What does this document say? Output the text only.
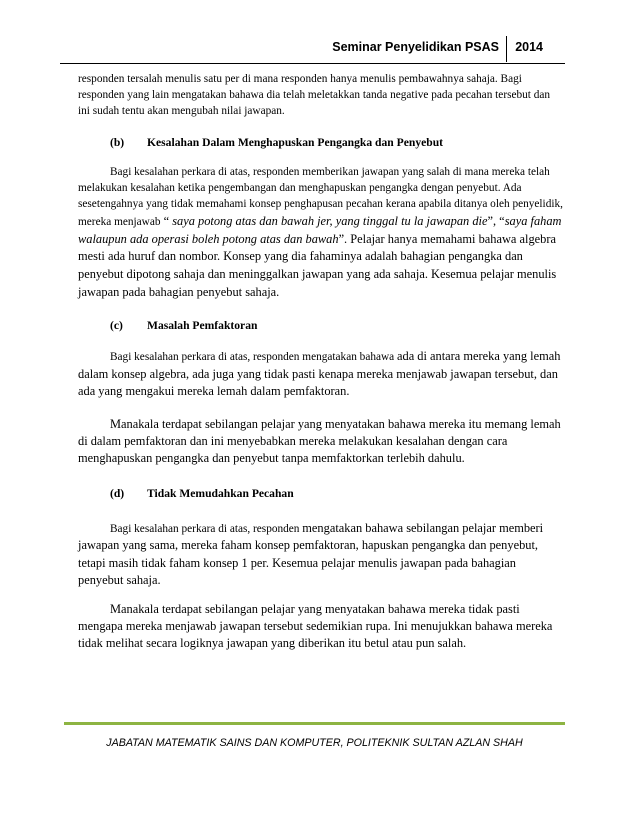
Seminar Penyelidikan PSAS 2014

responden tersalah menulis satu per di mana responden hanya menulis pembawahnya sahaja. Bagi responden yang lain mengatakan bahawa dia telah meletakkan tanda negative pada pecahan tersebut dan ini sudah tentu akan mengubah nilai jawapan.

(b)	Kesalahan Dalam Menghapuskan Pengangka dan Penyebut

Bagi kesalahan perkara di atas, responden memberikan jawapan yang salah di mana mereka telah melakukan kesalahan ketika pengembangan dan menghapuskan pengangka dengan penyebut. Ada sesetengahnya yang tidak memahami konsep penghapusan pecahan kerana apabila ditanya oleh penyelidik, mereka menjawab “ saya potong atas dan bawah jer, yang tinggal tu la jawapan die”, “saya faham walaupun ada operasi boleh potong atas dan bawah”. Pelajar hanya memahami bahawa algebra mesti ada huruf dan nombor. Konsep yang dia fahaminya adalah bahagian pengangka dan penyebut dipotong sahaja dan meninggalkan jawapan yang ada sahaja. Kesemua pelajar menulis jawapan pada bahagian penyebut sahaja.

(c)	Masalah Pemfaktoran

Bagi kesalahan perkara di atas, responden mengatakan bahawa ada di antara mereka yang lemah dalam konsep algebra, ada juga yang tidak pasti kenapa mereka menjawab jawapan tersebut, dan ada yang mengakui mereka lemah dalam pemfaktoran.

Manakala terdapat sebilangan pelajar yang menyatakan bahawa mereka itu memang lemah di dalam pemfaktoran dan ini menyebabkan mereka melakukan kesalahan dengan cara menghapuskan pengangka dan penyebut tanpa memfaktorkan terlebih dahulu.

(d)	Tidak Memudahkan Pecahan

Bagi kesalahan perkara di atas, responden mengatakan bahawa sebilangan pelajar memberi jawapan yang sama, mereka faham konsep pemfaktoran, hapuskan pengangka dan penyebut, tetapi masih tidak faham konsep 1 per. Kesemua pelajar menulis jawapan pada bahagian penyebut sahaja.

Manakala terdapat sebilangan pelajar yang menyatakan bahawa mereka tidak pasti mengapa mereka menjawab jawapan tersebut sedemikian rupa. Ini menujukkan bahawa mereka tidak melihat secara logiknya jawapan yang diberikan itu betul atau pun salah.

JABATAN MATEMATIK SAINS DAN KOMPUTER, POLITEKNIK SULTAN AZLAN SHAH
